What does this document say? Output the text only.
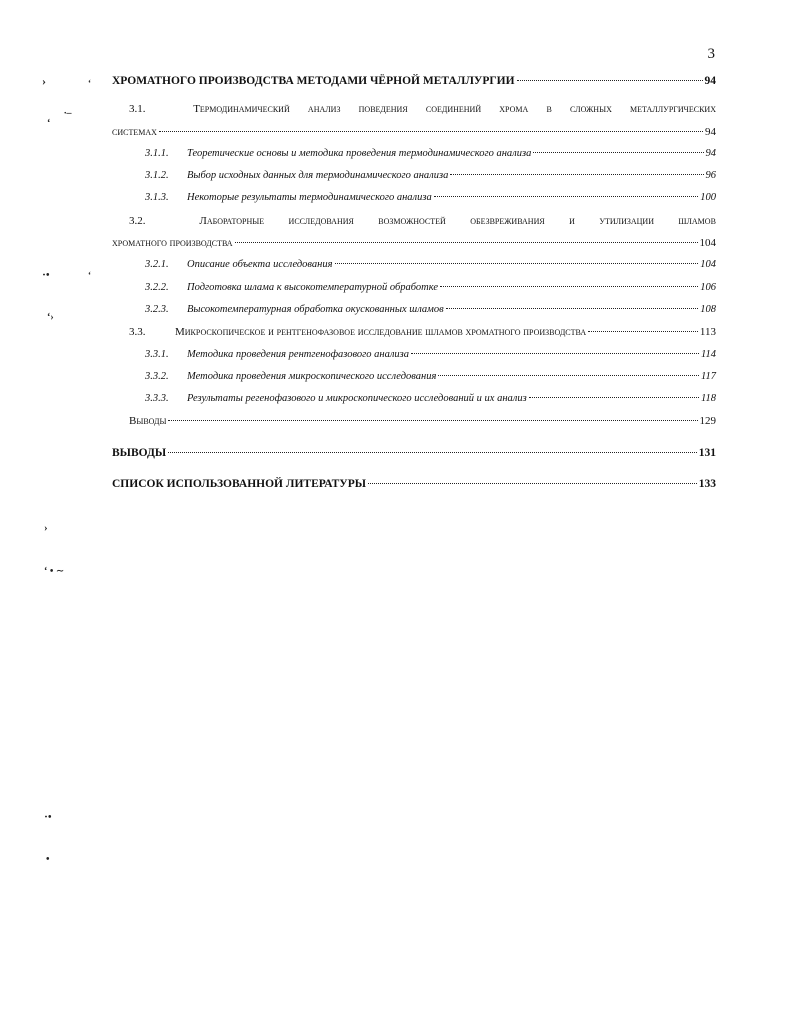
3
›	‘
∙–
‘
⋅•	‘
‘›
›
‘ • ∼
⋅•
•
ХРОМАТНОГО ПРОИЗВОДСТВА МЕТОДАМИ ЧЁРНОЙ МЕТАЛЛУРГИИ	94
3.1.	Термодинамический анализ поведения соединений хрома в сложных металлургических
системах	94
3.1.1.	Теоретические основы и методика проведения термодинамического анализа	94
3.1.2.	Выбор исходных данных для термодинамического анализа	96
3.1.3.	Некоторые результаты термодинамического анализа	100
3.2.	Лабораторные исследования возможностей обезвреживания и утилизации шламов
хроматного производства	104
3.2.1.	Описание объекта исследования	104
3.2.2.	Подготовка шлама к высокотемпературной обработке	106
3.2.3.	Высокотемпературная обработка окускованных шламов	108
3.3.	Микроскопическое и рентгенофазовое исследование шламов хроматного производства	113
3.3.1.	Методика проведения рентгенофазового анализа	114
3.3.2.	Методика проведения микроскопического исследования	117
3.3.3.	Результаты регенофазового и микроскопического исследований и их анализ	118
Выводы	129
ВЫВОДЫ	131
СПИСОК ИСПОЛЬЗОВАННОЙ ЛИТЕРАТУРЫ	133
